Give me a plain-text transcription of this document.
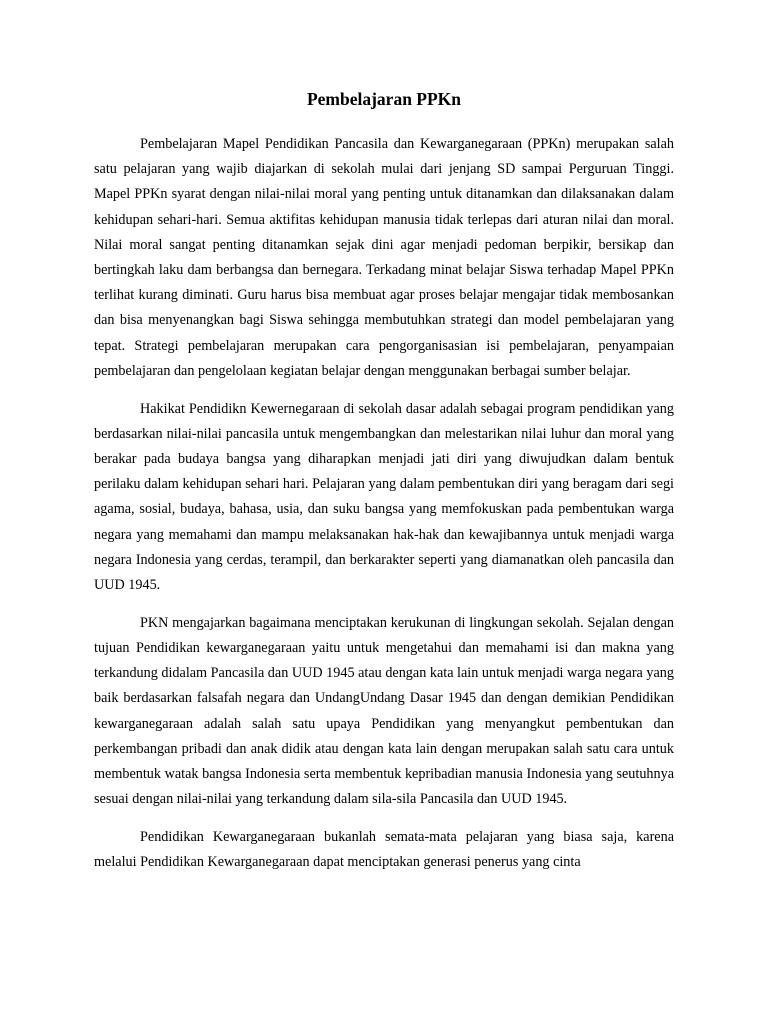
Pembelajaran PPKn

Pembelajaran Mapel Pendidikan Pancasila dan Kewarganegaraan (PPKn) merupakan salah satu pelajaran yang wajib diajarkan di sekolah mulai dari jenjang SD sampai Perguruan Tinggi. Mapel PPKn syarat dengan nilai-nilai moral yang penting untuk ditanamkan dan dilaksanakan dalam kehidupan sehari-hari. Semua aktifitas kehidupan manusia tidak terlepas dari aturan nilai dan moral. Nilai moral sangat penting ditanamkan sejak dini agar menjadi pedoman berpikir, bersikap dan bertingkah laku dam berbangsa dan bernegara. Terkadang minat belajar Siswa terhadap Mapel PPKn terlihat kurang diminati. Guru harus bisa membuat agar proses belajar mengajar tidak membosankan dan bisa menyenangkan bagi Siswa sehingga membutuhkan strategi dan model pembelajaran yang tepat. Strategi pembelajaran merupakan cara pengorganisasian isi pembelajaran, penyampaian pembelajaran dan pengelolaan kegiatan belajar dengan menggunakan berbagai sumber belajar.

Hakikat Pendidikn Kewernegaraan di sekolah dasar adalah sebagai program pendidikan yang berdasarkan nilai-nilai pancasila untuk mengembangkan dan melestarikan nilai luhur dan moral yang berakar pada budaya bangsa yang diharapkan menjadi jati diri yang diwujudkan dalam bentuk perilaku dalam kehidupan sehari hari. Pelajaran yang dalam pembentukan diri yang beragam dari segi agama, sosial, budaya, bahasa, usia, dan suku bangsa yang memfokuskan pada pembentukan warga negara yang memahami dan mampu melaksanakan hak-hak dan kewajibannya untuk menjadi warga negara Indonesia yang cerdas, terampil, dan berkarakter seperti yang diamanatkan oleh pancasila dan UUD 1945.

PKN mengajarkan bagaimana menciptakan kerukunan di lingkungan sekolah. Sejalan dengan tujuan Pendidikan kewarganegaraan yaitu untuk mengetahui dan memahami isi dan makna yang terkandung didalam Pancasila dan UUD 1945 atau dengan kata lain untuk menjadi warga negara yang baik berdasarkan falsafah negara dan UndangUndang Dasar 1945 dan dengan demikian Pendidikan kewarganegaraan adalah salah satu upaya Pendidikan yang menyangkut pembentukan dan perkembangan pribadi dan anak didik atau dengan kata lain dengan merupakan salah satu cara untuk membentuk watak bangsa Indonesia serta membentuk kepribadian manusia Indonesia yang seutuhnya sesuai dengan nilai-nilai yang terkandung dalam sila-sila Pancasila dan UUD 1945.

Pendidikan Kewarganegaraan bukanlah semata-mata pelajaran yang biasa saja, karena melalui Pendidikan Kewarganegaraan dapat menciptakan generasi penerus yang cinta
